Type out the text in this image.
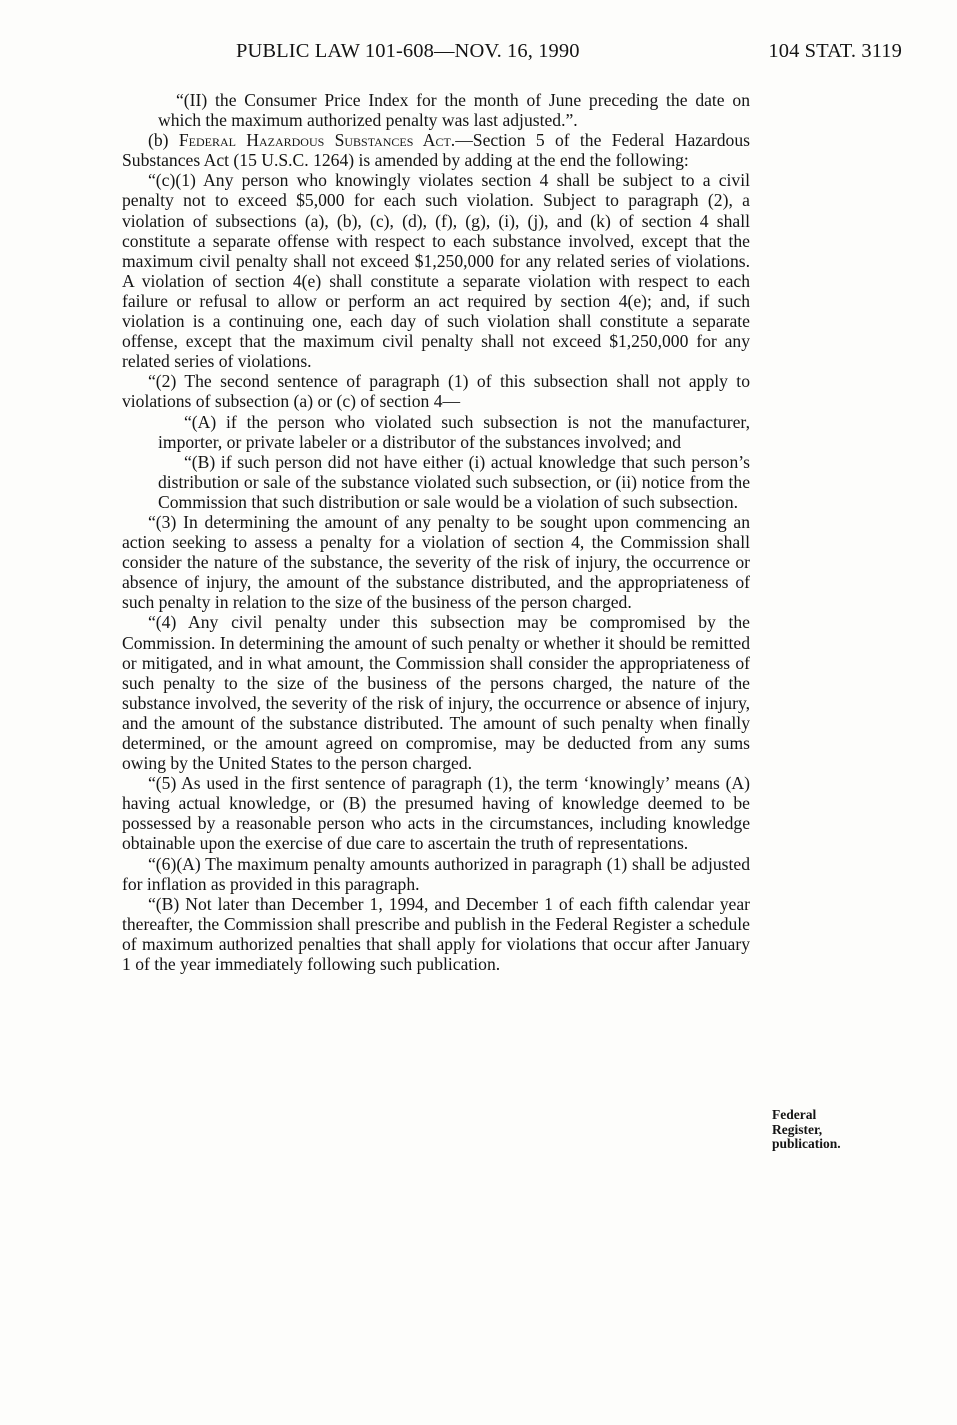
PUBLIC LAW 101-608—NOV. 16, 1990	104 STAT. 3119

“(II) the Consumer Price Index for the month of June preceding the date on which the maximum authorized penalty was last adjusted.”.

(b) Federal Hazardous Substances Act.—Section 5 of the Federal Hazardous Substances Act (15 U.S.C. 1264) is amended by adding at the end the following:

“(c)(1) Any person who knowingly violates section 4 shall be subject to a civil penalty not to exceed $5,000 for each such violation. Subject to paragraph (2), a violation of subsections (a), (b), (c), (d), (f), (g), (i), (j), and (k) of section 4 shall constitute a separate offense with respect to each substance involved, except that the maximum civil penalty shall not exceed $1,250,000 for any related series of violations. A violation of section 4(e) shall constitute a separate violation with respect to each failure or refusal to allow or perform an act required by section 4(e); and, if such violation is a continuing one, each day of such violation shall constitute a separate offense, except that the maximum civil penalty shall not exceed $1,250,000 for any related series of violations.

“(2) The second sentence of paragraph (1) of this subsection shall not apply to violations of subsection (a) or (c) of section 4—

“(A) if the person who violated such subsection is not the manufacturer, importer, or private labeler or a distributor of the substances involved; and

“(B) if such person did not have either (i) actual knowledge that such person’s distribution or sale of the substance violated such subsection, or (ii) notice from the Commission that such distribution or sale would be a violation of such subsection.

“(3) In determining the amount of any penalty to be sought upon commencing an action seeking to assess a penalty for a violation of section 4, the Commission shall consider the nature of the substance, the severity of the risk of injury, the occurrence or absence of injury, the amount of the substance distributed, and the appropriateness of such penalty in relation to the size of the business of the person charged.

“(4) Any civil penalty under this subsection may be compromised by the Commission. In determining the amount of such penalty or whether it should be remitted or mitigated, and in what amount, the Commission shall consider the appropriateness of such penalty to the size of the business of the persons charged, the nature of the substance involved, the severity of the risk of injury, the occurrence or absence of injury, and the amount of the substance distributed. The amount of such penalty when finally determined, or the amount agreed on compromise, may be deducted from any sums owing by the United States to the person charged.

“(5) As used in the first sentence of paragraph (1), the term ‘knowingly’ means (A) having actual knowledge, or (B) the presumed having of knowledge deemed to be possessed by a reasonable person who acts in the circumstances, including knowledge obtainable upon the exercise of due care to ascertain the truth of representations.

“(6)(A) The maximum penalty amounts authorized in paragraph (1) shall be adjusted for inflation as provided in this paragraph.

“(B) Not later than December 1, 1994, and December 1 of each fifth calendar year thereafter, the Commission shall prescribe and publish in the Federal Register a schedule of maximum authorized penalties that shall apply for violations that occur after January 1 of the year immediately following such publication.

Federal
Register,
publication.
